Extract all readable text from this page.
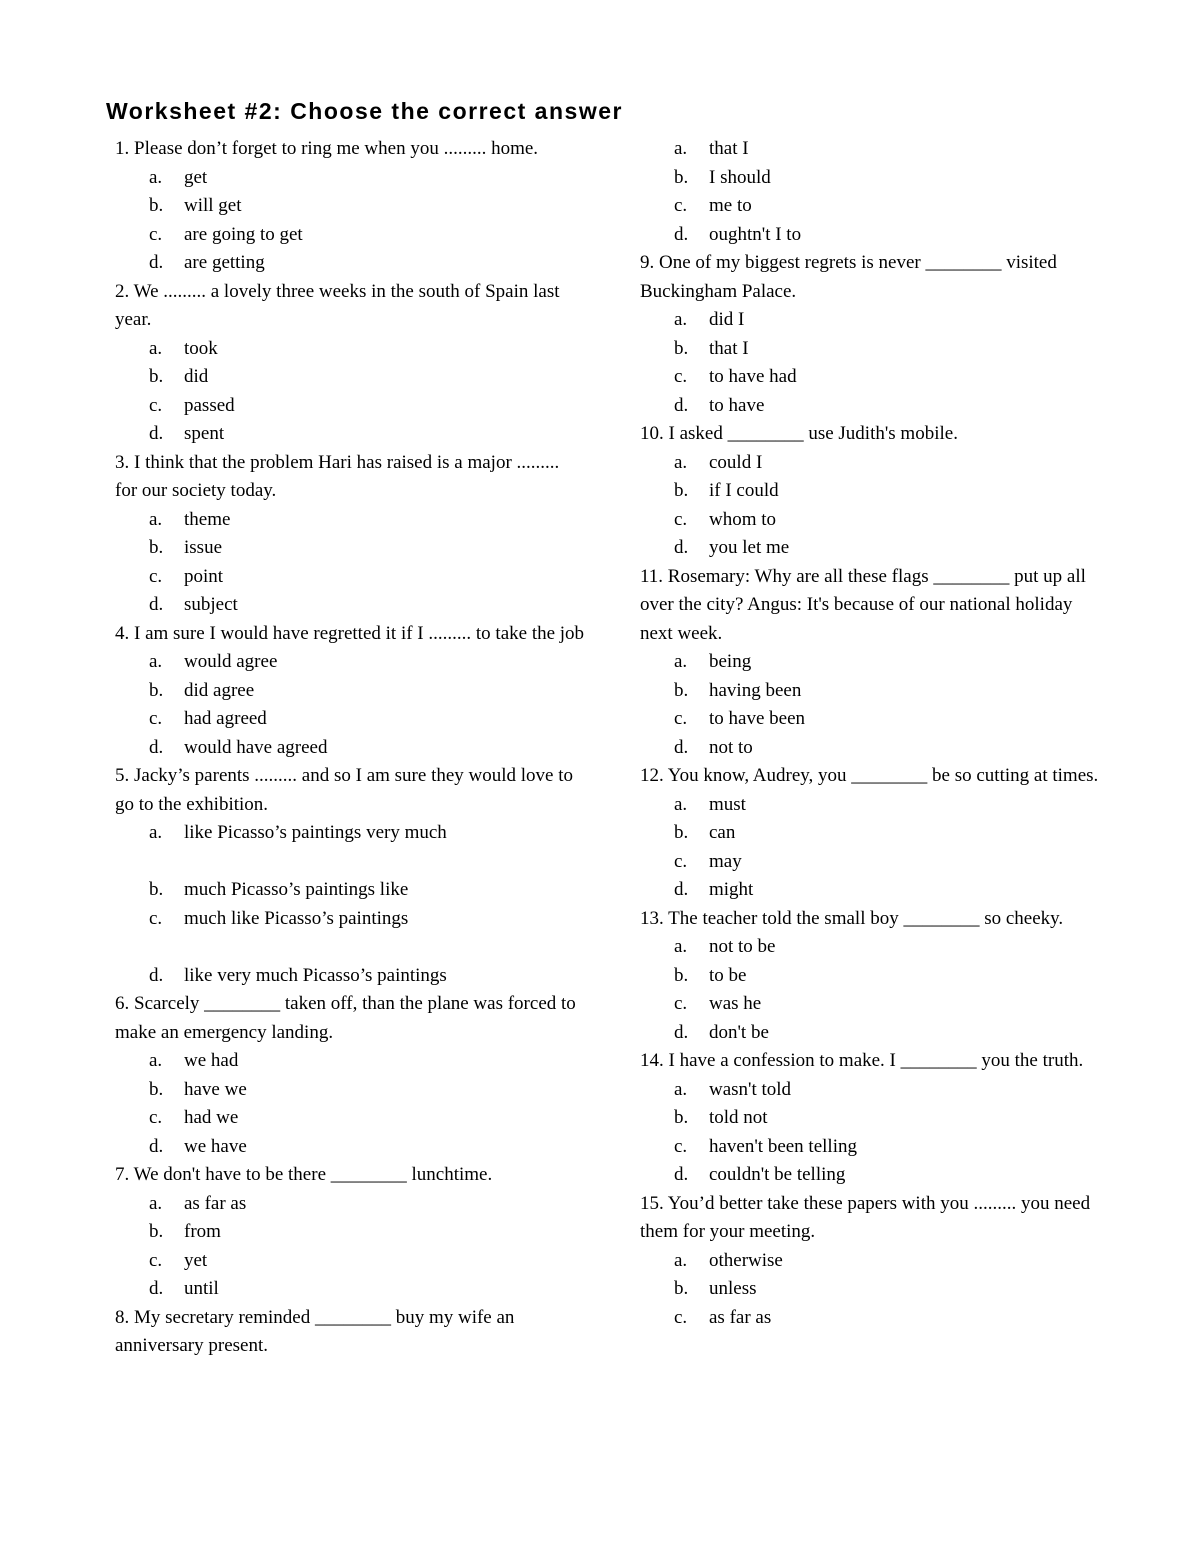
Worksheet #2: Choose the correct answer

1. Please don’t forget to ring me when you ......... home.

a. get
b. will get
c. are going to get
d. are getting

2. We ......... a lovely three weeks in the south of Spain last year.

a. took
b. did
c. passed
d. spent

3. I think that the problem Hari has raised is a major ......... for our society today.

a. theme
b. issue
c. point
d. subject

4. I am sure I would have regretted it if I ......... to take the job

a. would agree
b. did agree
c. had agreed
d. would have agreed

5. Jacky’s parents ......... and so I am sure they would love to go to the exhibition.

a. like Picasso’s paintings very much
b. much Picasso’s paintings like
c. much like Picasso’s paintings
d. like very much Picasso’s paintings

6. Scarcely ________ taken off, than the plane was forced to make an emergency landing.

a. we had
b. have we
c. had we
d. we have

7. We don't have to be there ________ lunchtime.

a. as far as
b. from
c. yet
d. until

8. My secretary reminded ________ buy my wife an anniversary present.

a. that I
b. I should
c. me to
d. oughtn't I to

9. One of my biggest regrets is never ________ visited Buckingham Palace.

a. did I
b. that I
c. to have had
d. to have

10. I asked ________ use Judith's mobile.

a. could I
b. if I could
c. whom to
d. you let me

11. Rosemary: Why are all these flags ________ put up all over the city? Angus: It's because of our national holiday next week.

a. being
b. having been
c. to have been
d. not to

12. You know, Audrey, you ________ be so cutting at times.

a. must
b. can
c. may
d. might

13. The teacher told the small boy ________ so cheeky.

a. not to be
b. to be
c. was he
d. don't be

14. I have a confession to make. I ________ you the truth.

a. wasn't told
b. told not
c. haven't been telling
d. couldn't be telling

15. You’d better take these papers with you ......... you need them for your meeting.

a. otherwise
b. unless
c. as far as
